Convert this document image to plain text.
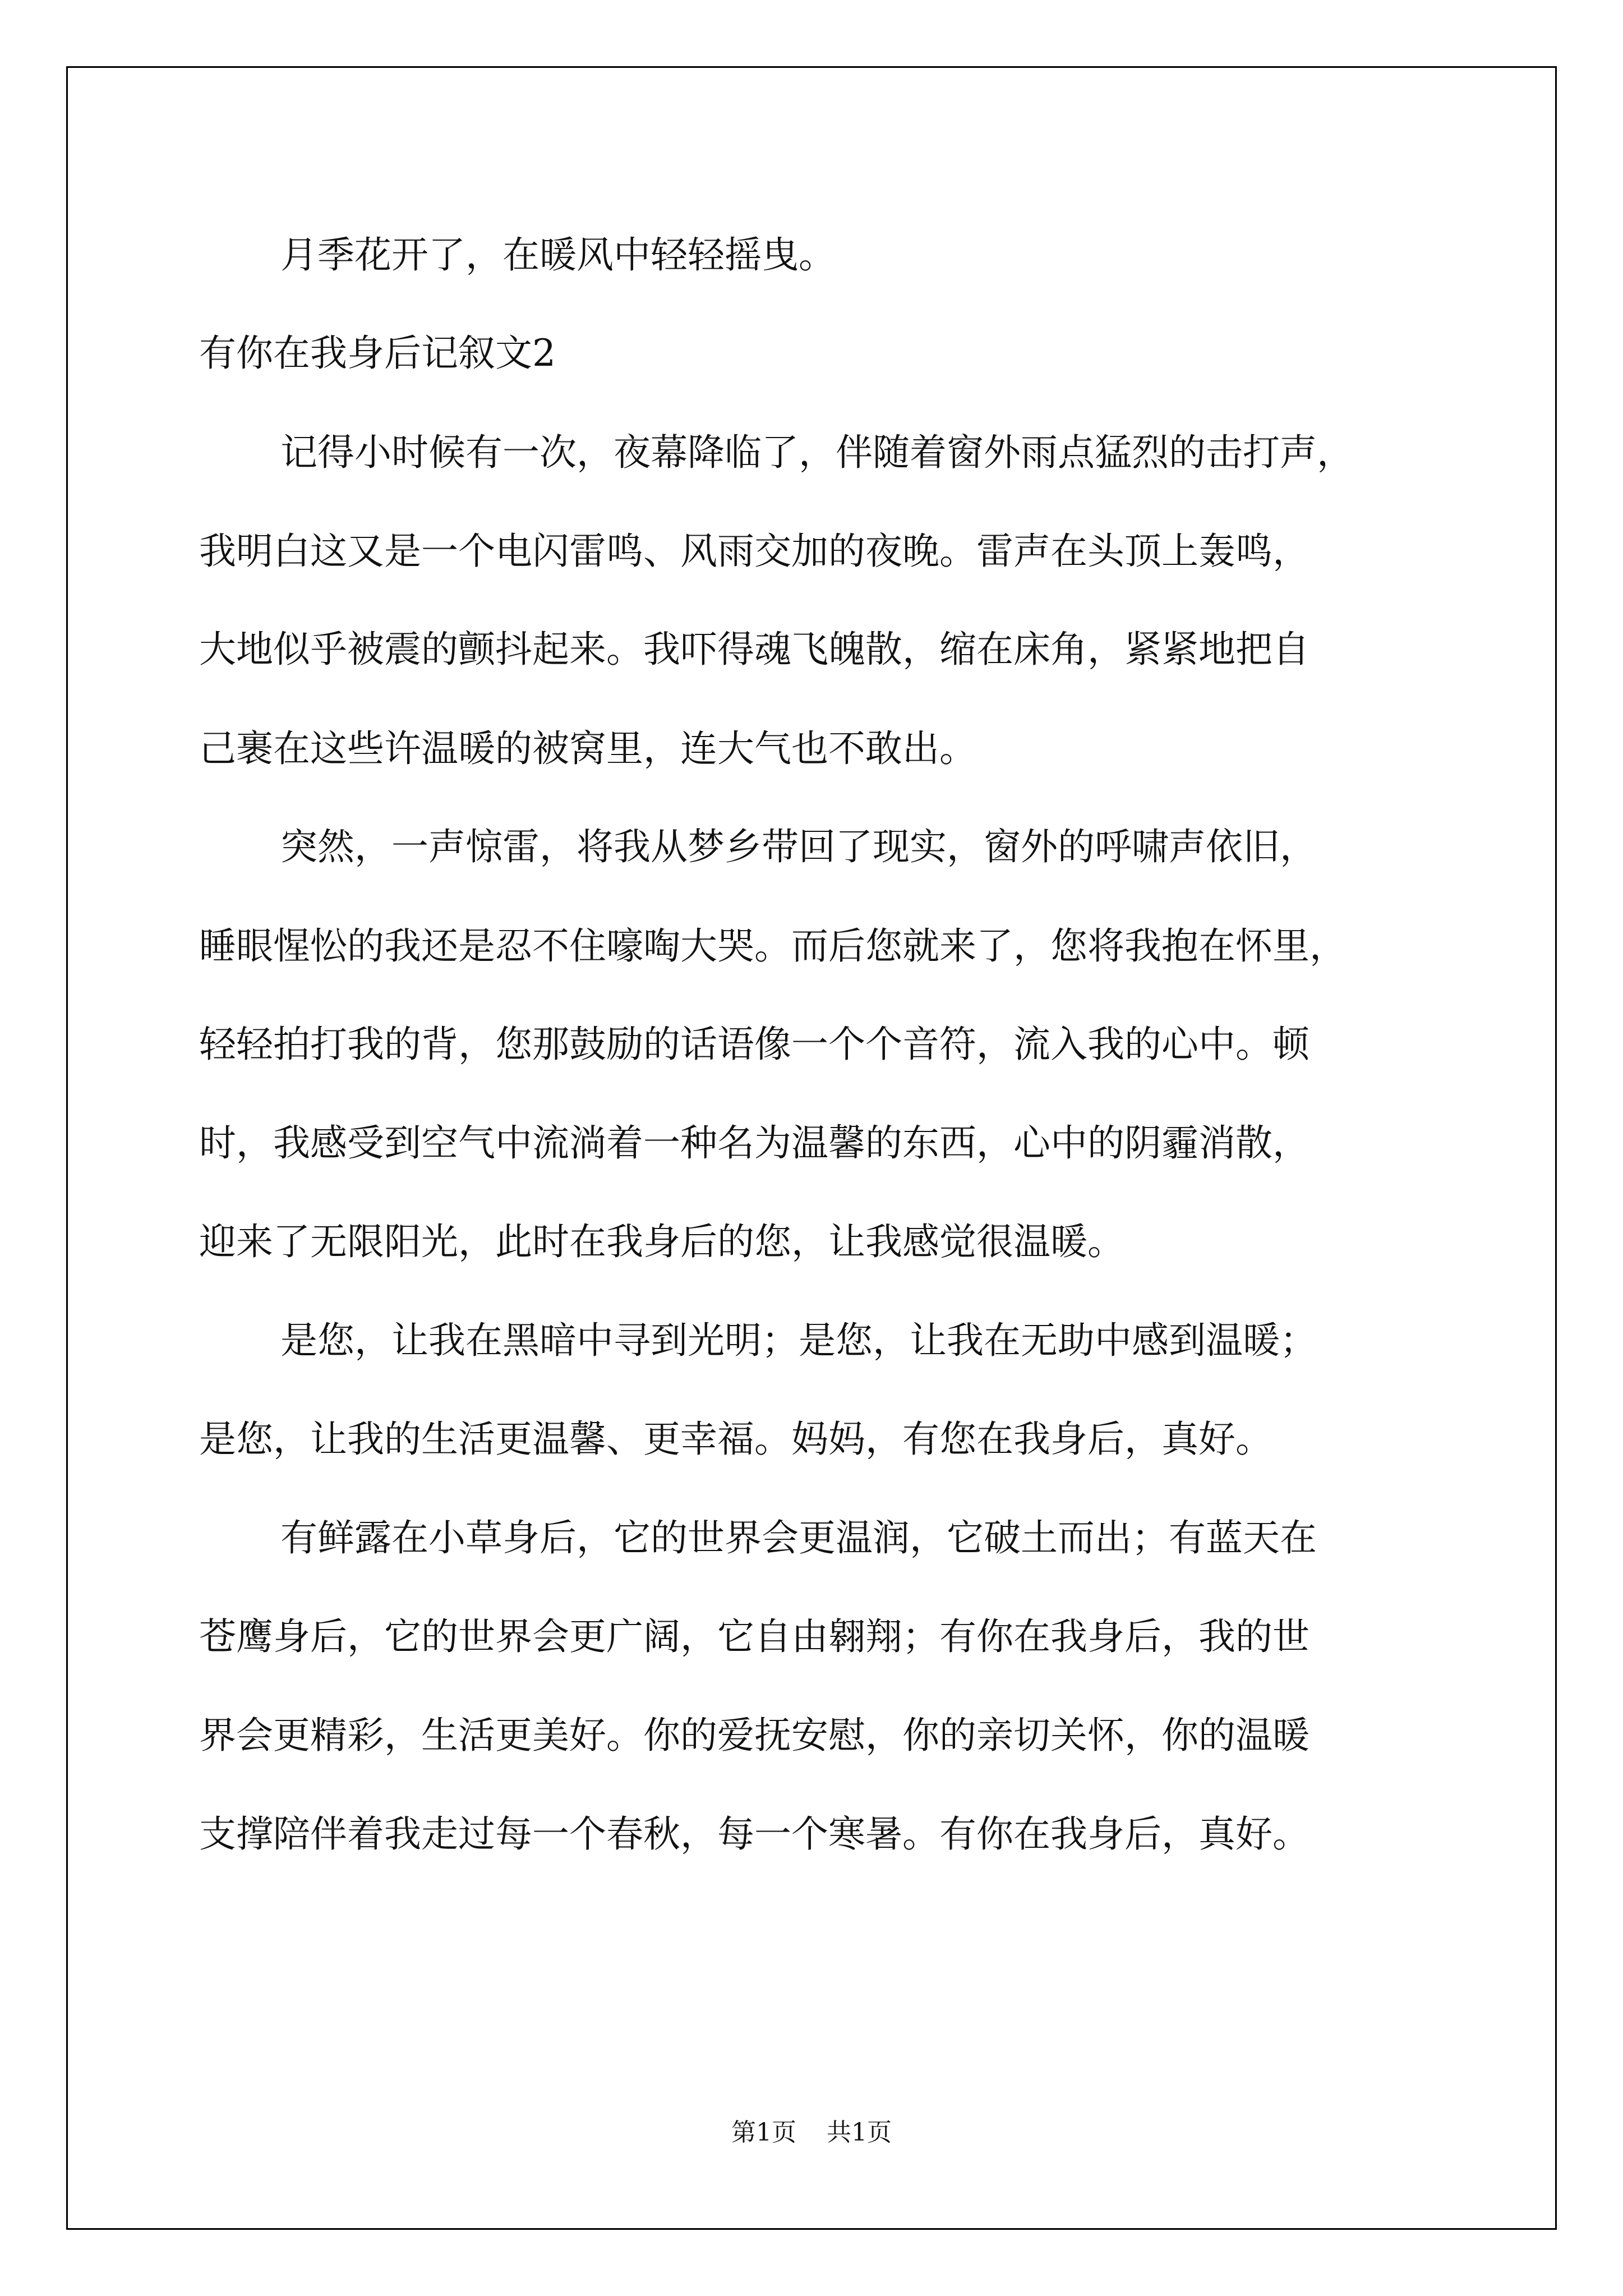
月季花开了，在暖风中轻轻摇曳。
有你在我身后记叙文2
记得小时候有一次，夜幕降临了，伴随着窗外雨点猛烈的击打声，
我明白这又是一个电闪雷鸣、风雨交加的夜晚。雷声在头顶上轰鸣，
大地似乎被震的颤抖起来。我吓得魂飞魄散，缩在床角，紧紧地把自
己裹在这些许温暖的被窝里，连大气也不敢出。
突然，一声惊雷，将我从梦乡带回了现实，窗外的呼啸声依旧，
睡眼惺忪的我还是忍不住嚎啕大哭。而后您就来了，您将我抱在怀里，
轻轻拍打我的背，您那鼓励的话语像一个个音符，流入我的心中。顿
时，我感受到空气中流淌着一种名为温馨的东西，心中的阴霾消散，
迎来了无限阳光，此时在我身后的您，让我感觉很温暖。
是您，让我在黑暗中寻到光明；是您，让我在无助中感到温暖；
是您，让我的生活更温馨、更幸福。妈妈，有您在我身后，真好。
有鲜露在小草身后，它的世界会更温润，它破土而出；有蓝天在
苍鹰身后，它的世界会更广阔，它自由翱翔；有你在我身后，我的世
界会更精彩，生活更美好。你的爱抚安慰，你的亲切关怀，你的温暖
支撑陪伴着我走过每一个春秋，每一个寒暑。有你在我身后，真好。
第1页 共1页
